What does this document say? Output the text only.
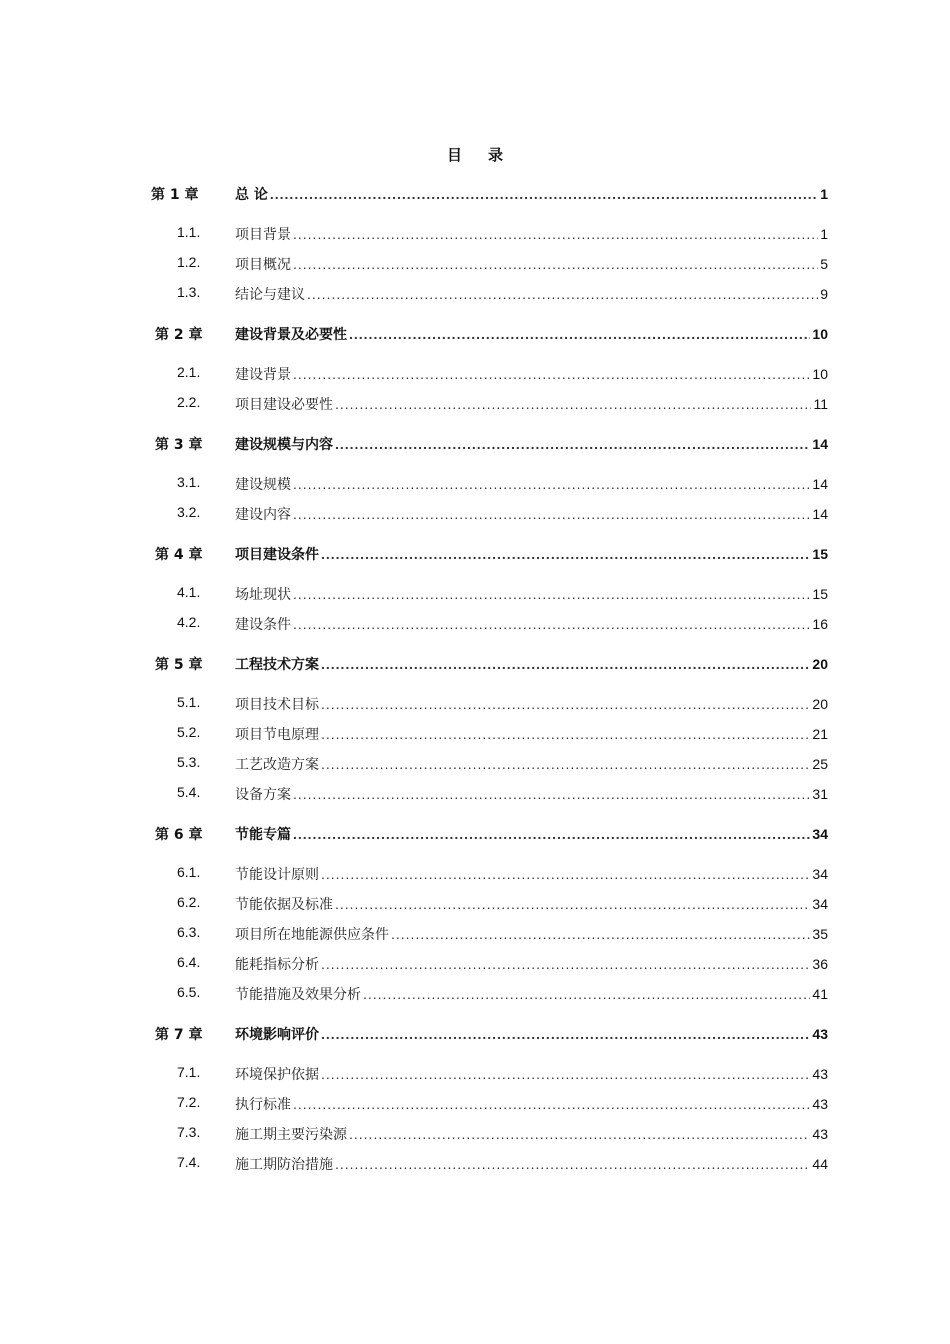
目 录
第 1 章	总 论 .....	1
1.1. 项目背景 .....	1
1.2. 项目概况 .....	5
1.3. 结论与建议 .....	9
第 2 章 建设背景及必要性 .....	10
2.1. 建设背景 .....	10
2.2. 项目建设必要性 .....	11
第 3 章 建设规模与内容 .....	14
3.1. 建设规模 .....	14
3.2. 建设内容 .....	14
第 4 章 项目建设条件 .....	15
4.1. 场址现状 .....	15
4.2. 建设条件 .....	16
第 5 章 工程技术方案 .....	20
5.1. 项目技术目标 .....	20
5.2. 项目节电原理 .....	21
5.3. 工艺改造方案 .....	25
5.4. 设备方案 .....	31
第 6 章 节能专篇 .....	34
6.1. 节能设计原则 .....	34
6.2. 节能依据及标准 .....	34
6.3. 项目所在地能源供应条件 .....	35
6.4. 能耗指标分析 .....	36
6.5. 节能措施及效果分析 .....	41
第 7 章 环境影响评价 .....	43
7.1. 环境保护依据 .....	43
7.2. 执行标准 .....	43
7.3. 施工期主要污染源 .....	43
7.4. 施工期防治措施 .....	44
